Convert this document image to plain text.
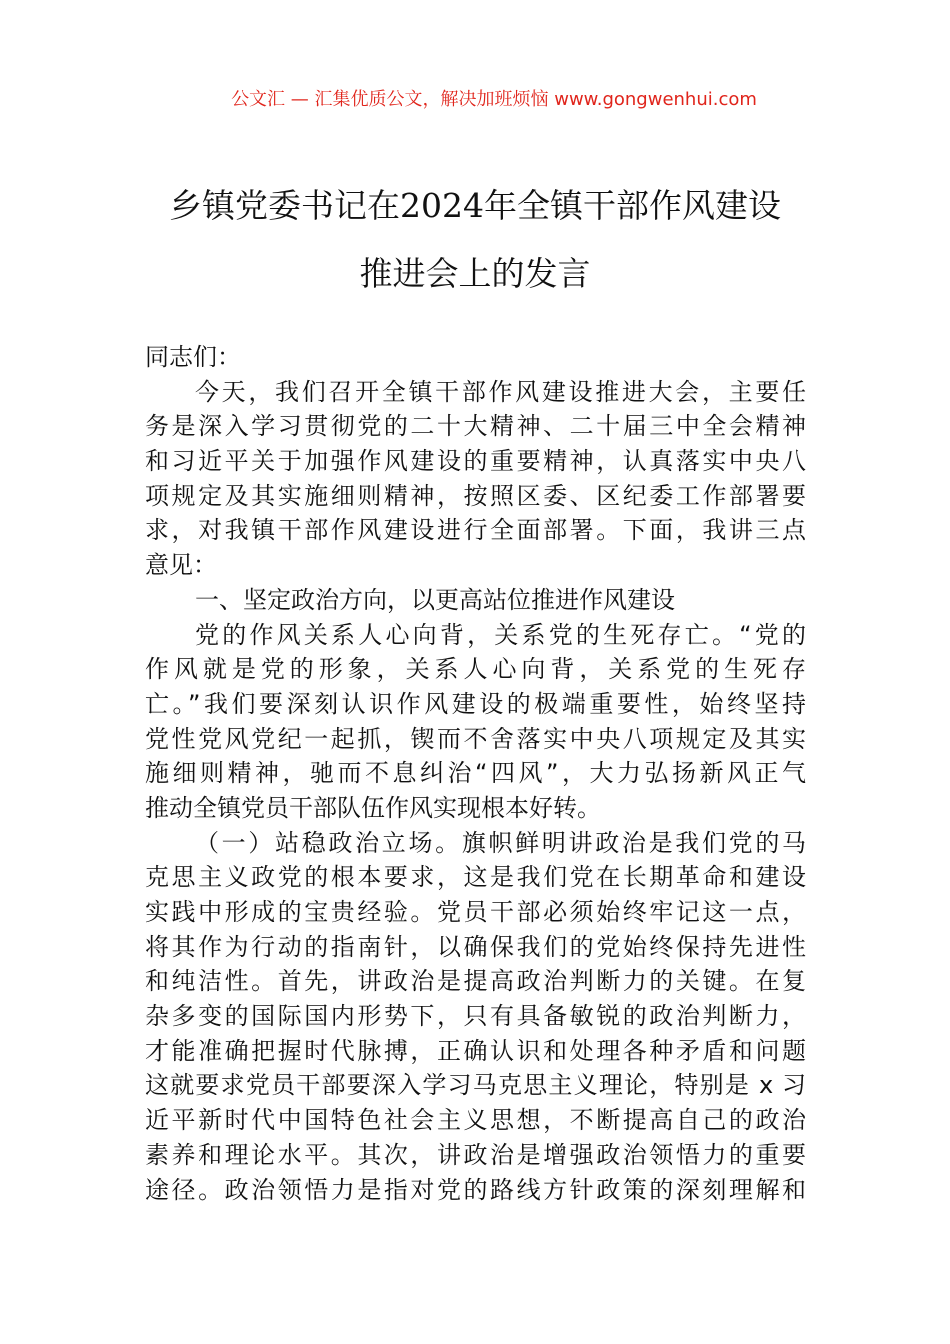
公文汇 — 汇集优质公文，解决加班烦恼 www.gongwenhui.com
乡镇党委书记在2024年全镇干部作风建设
推进会上的发言
同志们：
今天，我们召开全镇干部作风建设推进大会，主要任
务是深入学习贯彻党的二十大精神、二十届三中全会精神
和习近平关于加强作风建设的重要精神，认真落实中央八
项规定及其实施细则精神，按照区委、区纪委工作部署要
求，对我镇干部作风建设进行全面部署。下面，我讲三点
意见：
一、坚定政治方向，以更高站位推进作风建设
党的作风关系人心向背，关系党的生死存亡。“党的
作风就是党的形象，关系人心向背，关系党的生死存
亡。”我们要深刻认识作风建设的极端重要性，始终坚持
党性党风党纪一起抓，锲而不舍落实中央八项规定及其实
施细则精神，驰而不息纠治“四风”，大力弘扬新风正气
推动全镇党员干部队伍作风实现根本好转。
（一）站稳政治立场。旗帜鲜明讲政治是我们党的马
克思主义政党的根本要求，这是我们党在长期革命和建设
实践中形成的宝贵经验。党员干部必须始终牢记这一点，
将其作为行动的指南针，以确保我们的党始终保持先进性
和纯洁性。首先，讲政治是提高政治判断力的关键。在复
杂多变的国际国内形势下，只有具备敏锐的政治判断力，
才能准确把握时代脉搏，正确认识和处理各种矛盾和问题
这就要求党员干部要深入学习马克思主义理论，特别是 x 习
近平新时代中国特色社会主义思想，不断提高自己的政治
素养和理论水平。其次，讲政治是增强政治领悟力的重要
途径。政治领悟力是指对党的路线方针政策的深刻理解和
